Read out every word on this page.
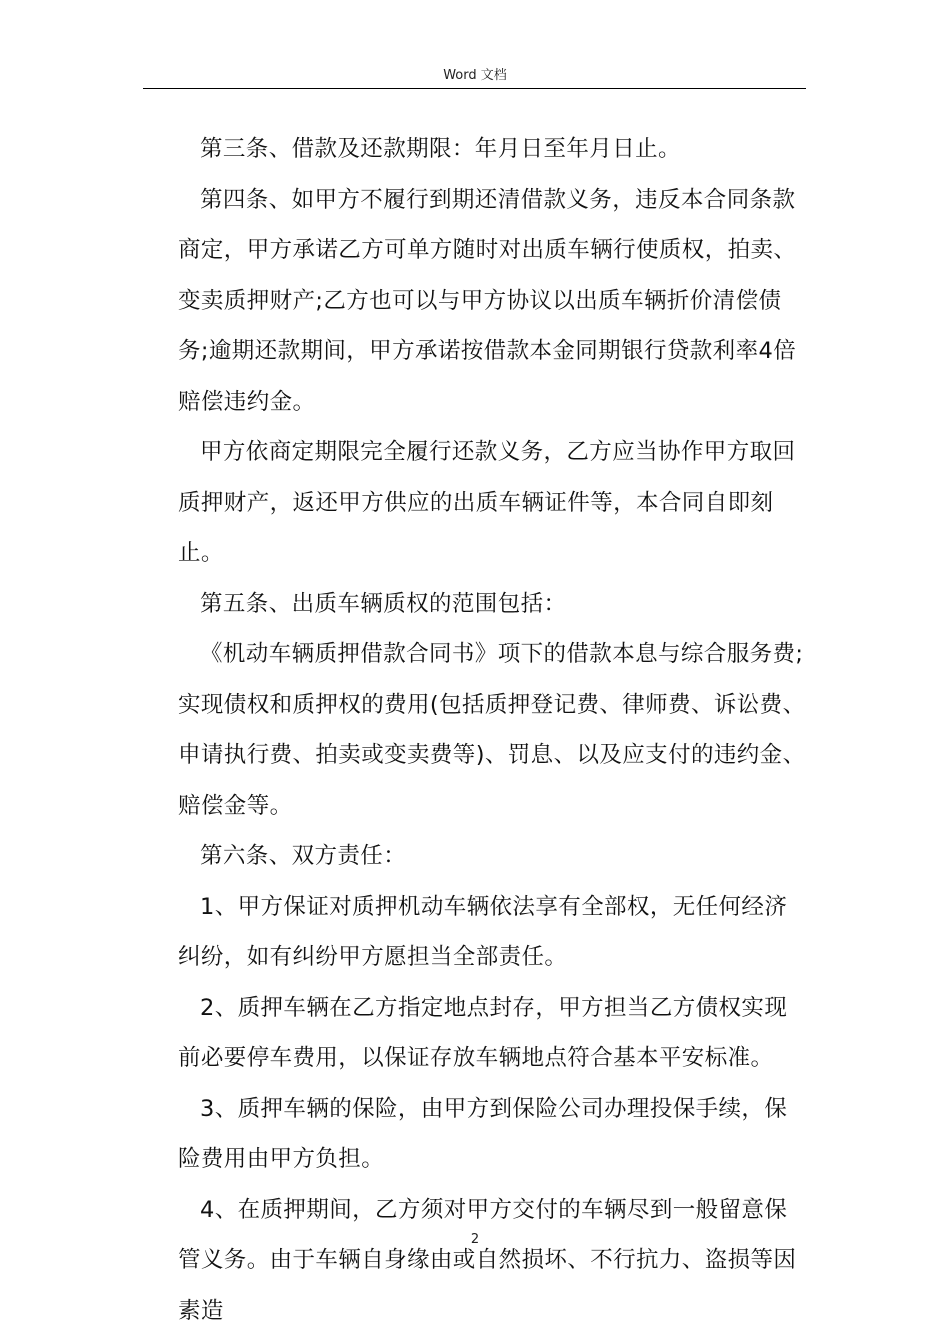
Word 文档

第三条、借款及还款期限：年月日至年月日止。

第四条、如甲方不履行到期还清借款义务，违反本合同条款商定，甲方承诺乙方可单方随时对出质车辆行使质权，拍卖、变卖质押财产;乙方也可以与甲方协议以出质车辆折价清偿债务;逾期还款期间，甲方承诺按借款本金同期银行贷款利率4倍赔偿违约金。

甲方依商定期限完全履行还款义务，乙方应当协作甲方取回质押财产，返还甲方供应的出质车辆证件等，本合同自即刻止。

第五条、出质车辆质权的范围包括：

《机动车辆质押借款合同书》项下的借款本息与综合服务费;实现债权和质押权的费用(包括质押登记费、律师费、诉讼费、申请执行费、拍卖或变卖费等)、罚息、以及应支付的违约金、赔偿金等。

第六条、双方责任：

1、甲方保证对质押机动车辆依法享有全部权，无任何经济纠纷，如有纠纷甲方愿担当全部责任。

2、质押车辆在乙方指定地点封存，甲方担当乙方债权实现前必要停车费用，以保证存放车辆地点符合基本平安标准。

3、质押车辆的保险，由甲方到保险公司办理投保手续，保险费用由甲方负担。

4、在质押期间，乙方须对甲方交付的车辆尽到一般留意保管义务。由于车辆自身缘由或自然损坏、不行抗力、盗损等因素造

2
